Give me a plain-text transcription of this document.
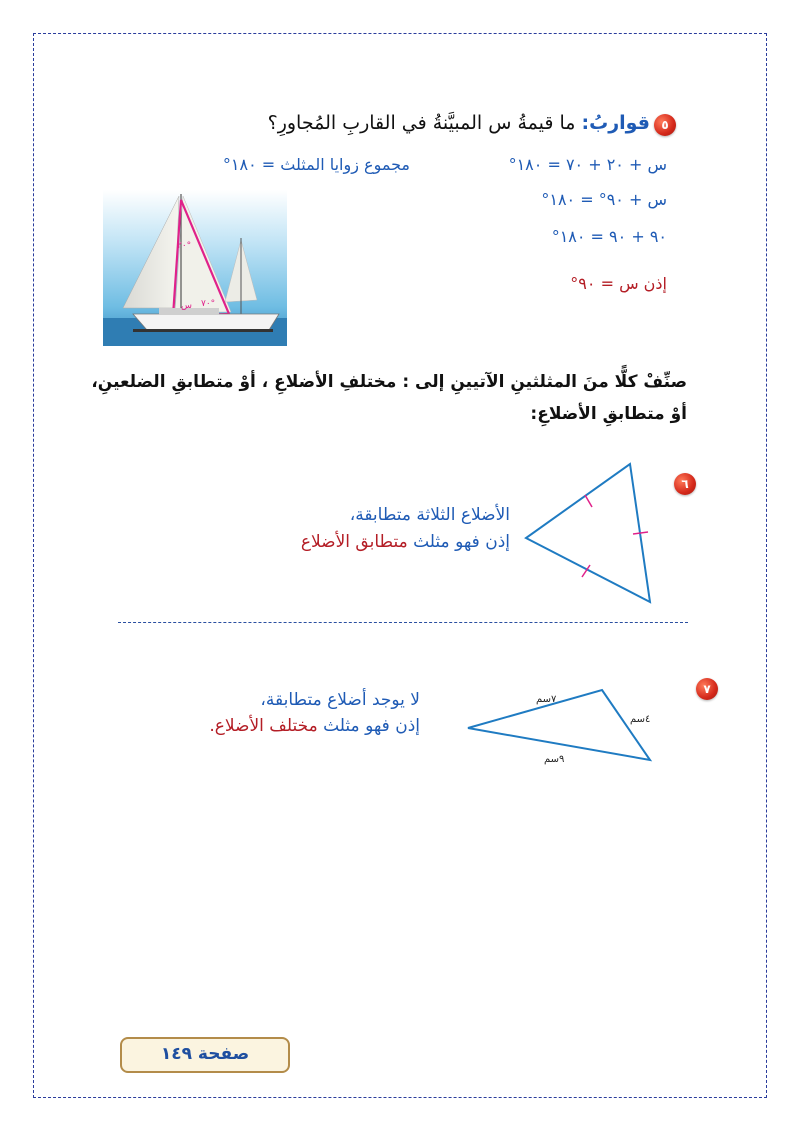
٥
قواربُ: ما قيمةُ س المبيَّنةُ في القاربِ المُجاورِ؟
مجموع زوايا المثلث = ١٨٠°	س + ٢٠ + ٧٠ = ١٨٠°
س + ٩٠° = ١٨٠°
٩٠ + ٩٠ = ١٨٠°
إذن س = ٩٠°
٢٠°
س ٧٠°
صنِّفْ كلًّا منَ المثلثينِ الآتيينِ إلى : مختلفِ الأضلاعِ ، أوْ متطابقِ الضلعينِ،
أوْ متطابقِ الأضلاعِ:
٦
الأضلاع الثلاثة متطابقة،
إذن فهو مثلث متطابق الأضلاع
٧
٧سم
٤سم
٩سم
لا يوجد أضلاع متطابقة،
إذن فهو مثلث مختلف الأضلاع.
صفحة ١٤٩
